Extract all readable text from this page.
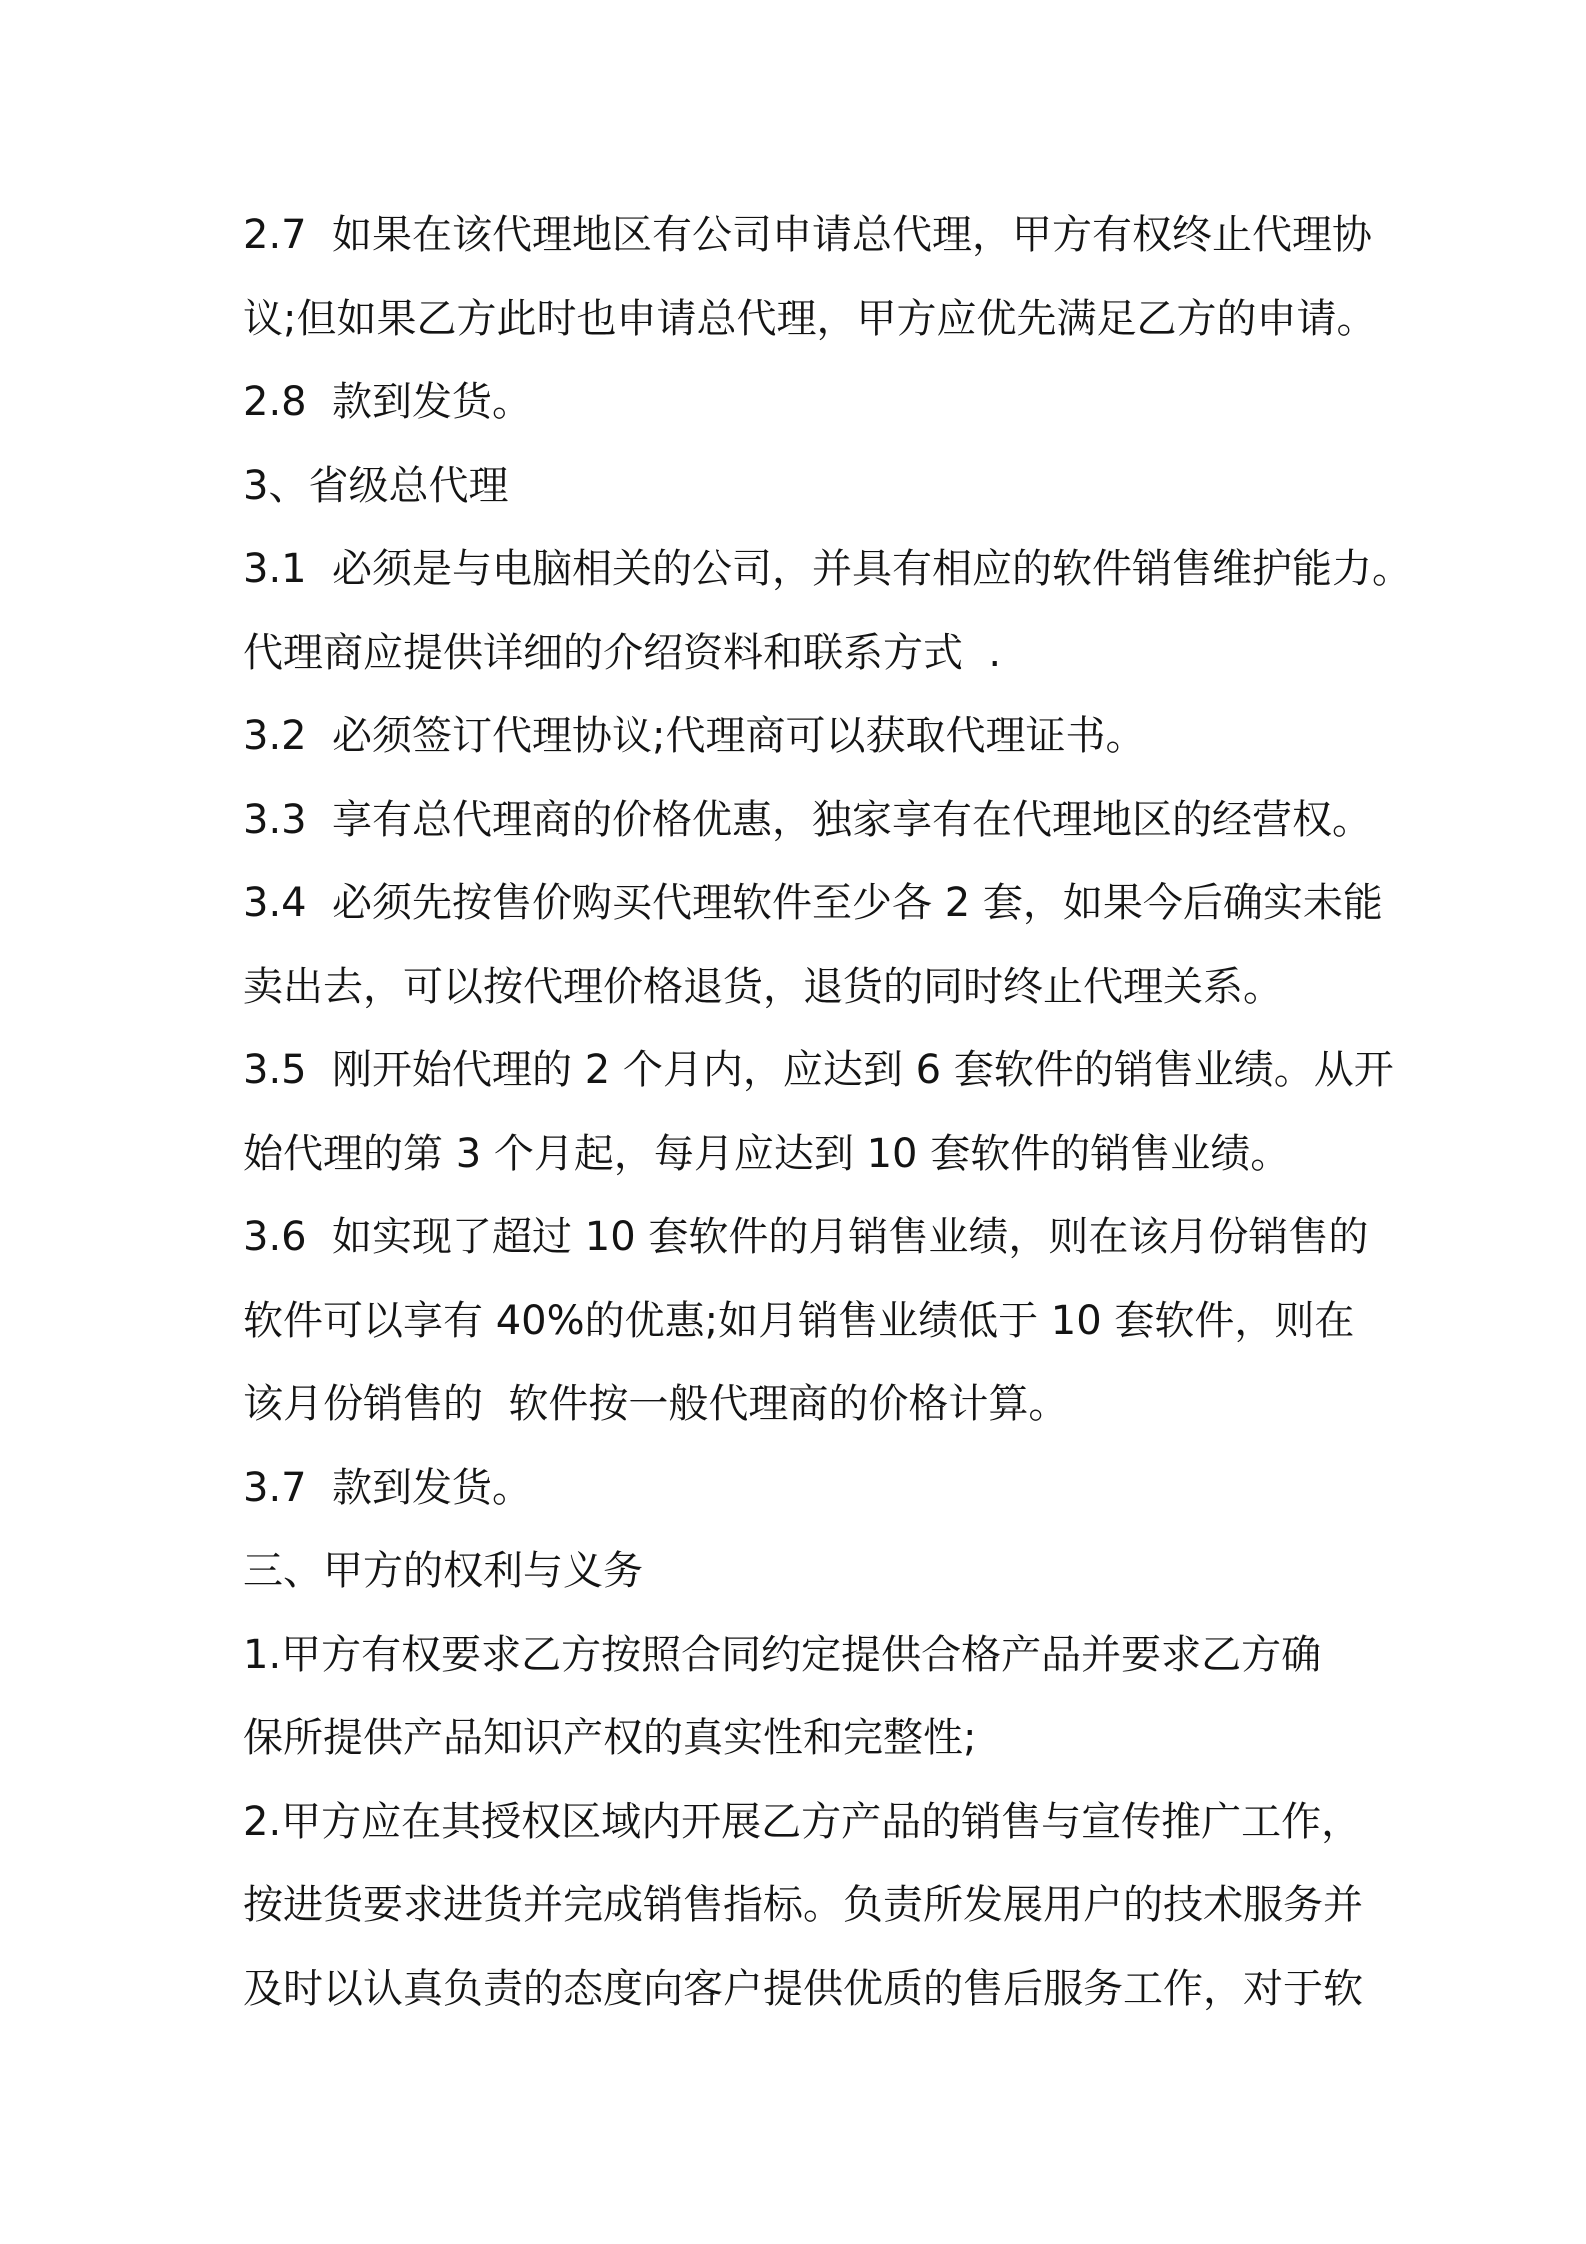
2.7  如果在该代理地区有公司申请总代理，甲方有权终止代理协
议;但如果乙方此时也申请总代理，甲方应优先满足乙方的申请。
2.8  款到发货。
3、省级总代理
3.1  必须是与电脑相关的公司，并具有相应的软件销售维护能力。
代理商应提供详细的介绍资料和联系方式  .
3.2  必须签订代理协议;代理商可以获取代理证书。
3.3  享有总代理商的价格优惠，独家享有在代理地区的经营权。
3.4  必须先按售价购买代理软件至少各 2 套，如果今后确实未能
卖出去，可以按代理价格退货，退货的同时终止代理关系。
3.5  刚开始代理的 2 个月内，应达到 6 套软件的销售业绩。从开
始代理的第 3 个月起，每月应达到 10 套软件的销售业绩。
3.6  如实现了超过 10 套软件的月销售业绩，则在该月份销售的
软件可以享有 40%的优惠;如月销售业绩低于 10 套软件，则在
该月份销售的  软件按一般代理商的价格计算。
3.7  款到发货。
三、甲方的权利与义务
1.甲方有权要求乙方按照合同约定提供合格产品并要求乙方确
保所提供产品知识产权的真实性和完整性;
2.甲方应在其授权区域内开展乙方产品的销售与宣传推广工作，
按进货要求进货并完成销售指标。负责所发展用户的技术服务并
及时以认真负责的态度向客户提供优质的售后服务工作，对于软
